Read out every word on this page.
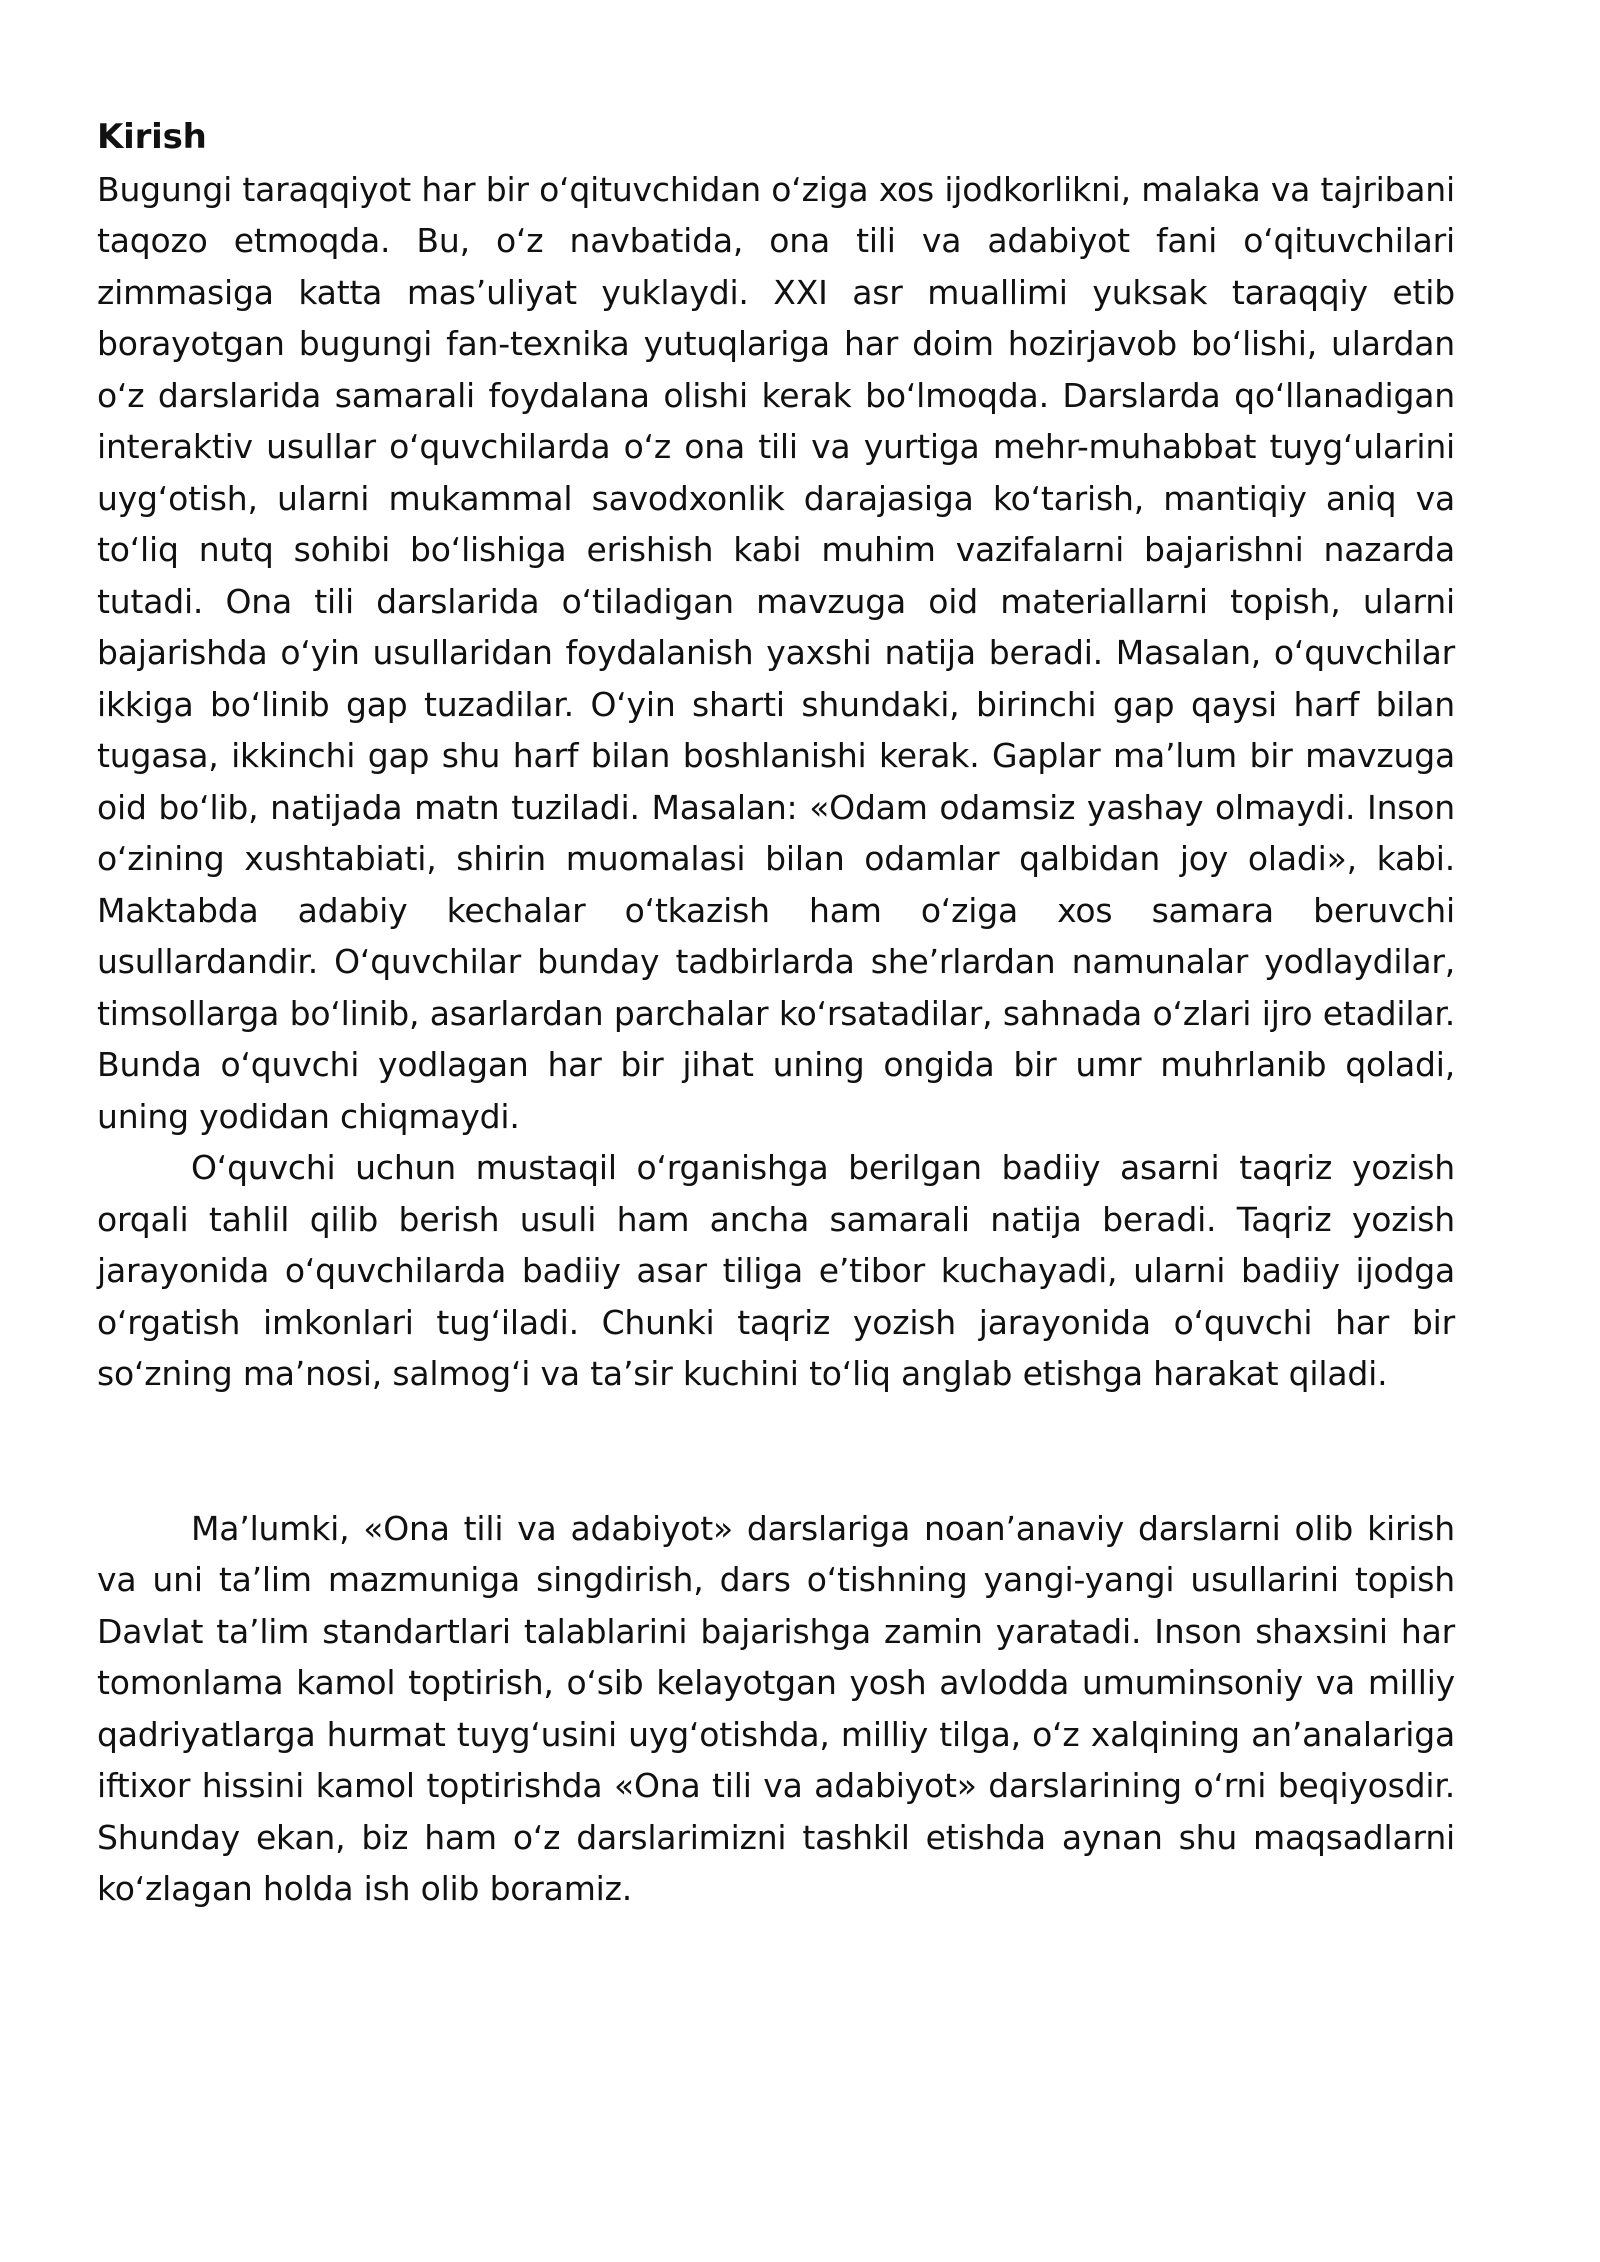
Kirish

Bugungi taraqqiyot har bir o‘qituvchidan o‘ziga xos ijodkorlikni, malaka va tajribani taqozo etmoqda. Bu, o‘z navbatida, ona tili va adabiyot fani o‘qituvchilari zimmasiga katta mas’uliyat yuklaydi. XXI asr muallimi yuksak taraqqiy etib borayotgan bugungi fan-texnika yutuqlariga har doim hozirjavob bo‘lishi, ulardan o‘z darslarida samarali foydalana olishi kerak bo‘lmoqda. Darslarda qo‘llanadigan interaktiv usullar o‘quvchilarda o‘z ona tili va yurtiga mehr-muhabbat tuyg‘ularini uyg‘otish, ularni mukammal savodxonlik darajasiga ko‘tarish, mantiqiy aniq va to‘liq nutq sohibi bo‘lishiga erishish kabi muhim vazifalarni bajarishni nazarda tutadi. Ona tili darslarida o‘tiladigan mavzuga oid materiallarni topish, ularni bajarishda o‘yin usullaridan foydalanish yaxshi natija beradi. Masalan, o‘quvchilar ikkiga bo‘linib gap tuzadilar. O‘yin sharti shundaki, birinchi gap qaysi harf bilan tugasa, ikkinchi gap shu harf bilan boshlanishi kerak. Gaplar ma’lum bir mavzuga oid bo‘lib, natijada matn tuziladi. Masalan: «Odam odamsiz yashay olmaydi. Inson o‘zining xushtabiati, shirin muomalasi bilan odamlar qalbidan joy oladi», kabi. Maktabda adabiy kechalar o‘tkazish ham o‘ziga xos samara beruvchi usullardandir. O‘quvchilar bunday tadbirlarda she’rlardan namunalar yodlaydilar, timsollarga bo‘linib, asarlardan parchalar ko‘rsatadilar, sahnada o‘zlari ijro etadilar. Bunda o‘quvchi yodlagan har bir jihat uning ongida bir umr muhrlanib qoladi, uning yodidan chiqmaydi.

O‘quvchi uchun mustaqil o‘rganishga berilgan badiiy asarni taqriz yozish orqali tahlil qilib berish usuli ham ancha samarali natija beradi. Taqriz yozish jarayonida o‘quvchilarda badiiy asar tiliga e’tibor kuchayadi, ularni badiiy ijodga o‘rgatish imkonlari tug‘iladi. Chunki taqriz yozish jarayonida o‘quvchi har bir so‘zning ma’nosi, salmog‘i va ta’sir kuchini to‘liq anglab etishga harakat qiladi.

Ma’lumki, «Ona tili va adabiyot» darslariga noan’anaviy darslarni olib kirish va uni ta’lim mazmuniga singdirish, dars o‘tishning yangi-yangi usullarini topish Davlat ta’lim standartlari talablarini bajarishga zamin yaratadi. Inson shaxsini har tomonlama kamol toptirish, o‘sib kelayotgan yosh avlodda umuminsoniy va milliy qadriyatlarga hurmat tuyg‘usini uyg‘otishda, milliy tilga, o‘z xalqining an’analariga iftixor hissini kamol toptirishda «Ona tili va adabiyot» darslarining o‘rni beqiyosdir. Shunday ekan, biz ham o‘z darslarimizni tashkil etishda aynan shu maqsadlarni ko‘zlagan holda ish olib boramiz.
